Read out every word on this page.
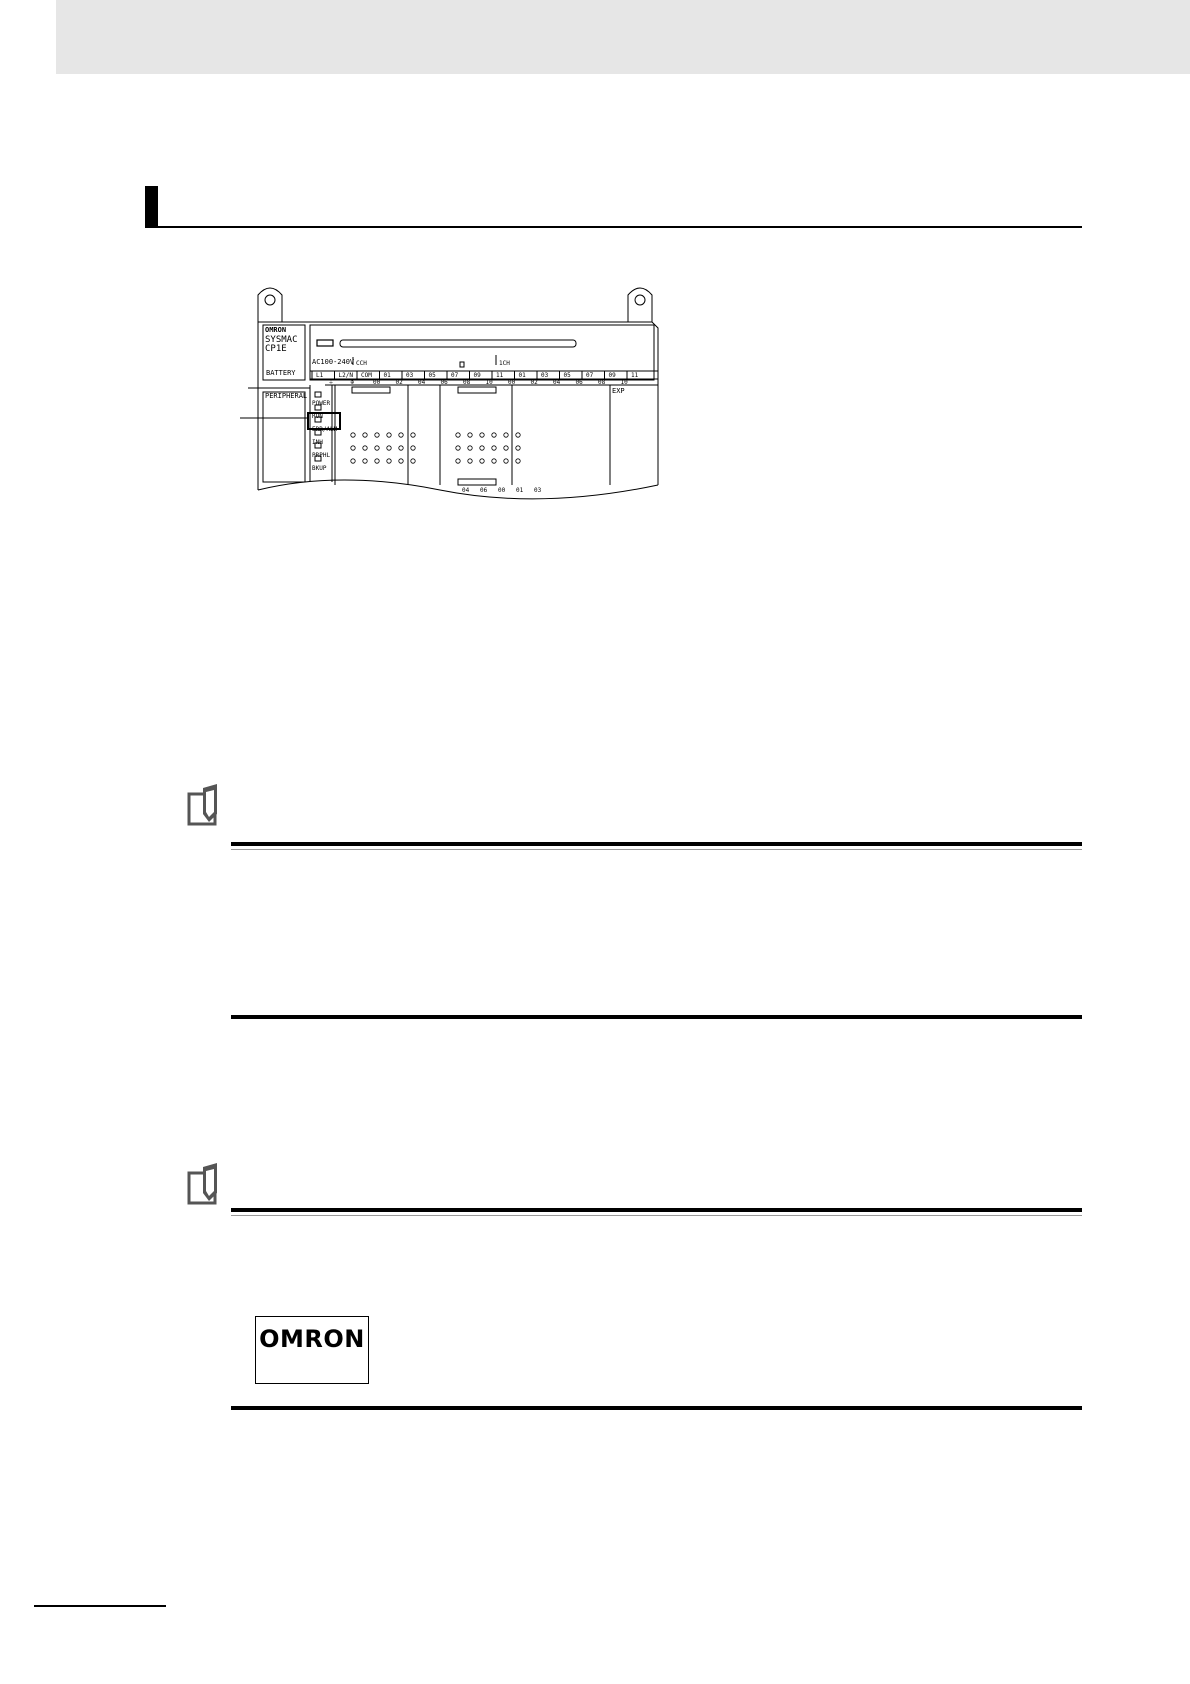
OMRON
SYSMAC
CP1E
BATTERY
PERIPHERAL
AC100-240V CCH	1CH
EXP
POWER
RUN
ERR/ALM
INH
PRPHL
BKUP
L1	L2/N COM 01	03	05	07	09	11	01	03	05	07	09	11
⏚	⊕	00	02	04	06	08	10	00	02	04	06	08	10
04 06 00 01 03
OMRON
